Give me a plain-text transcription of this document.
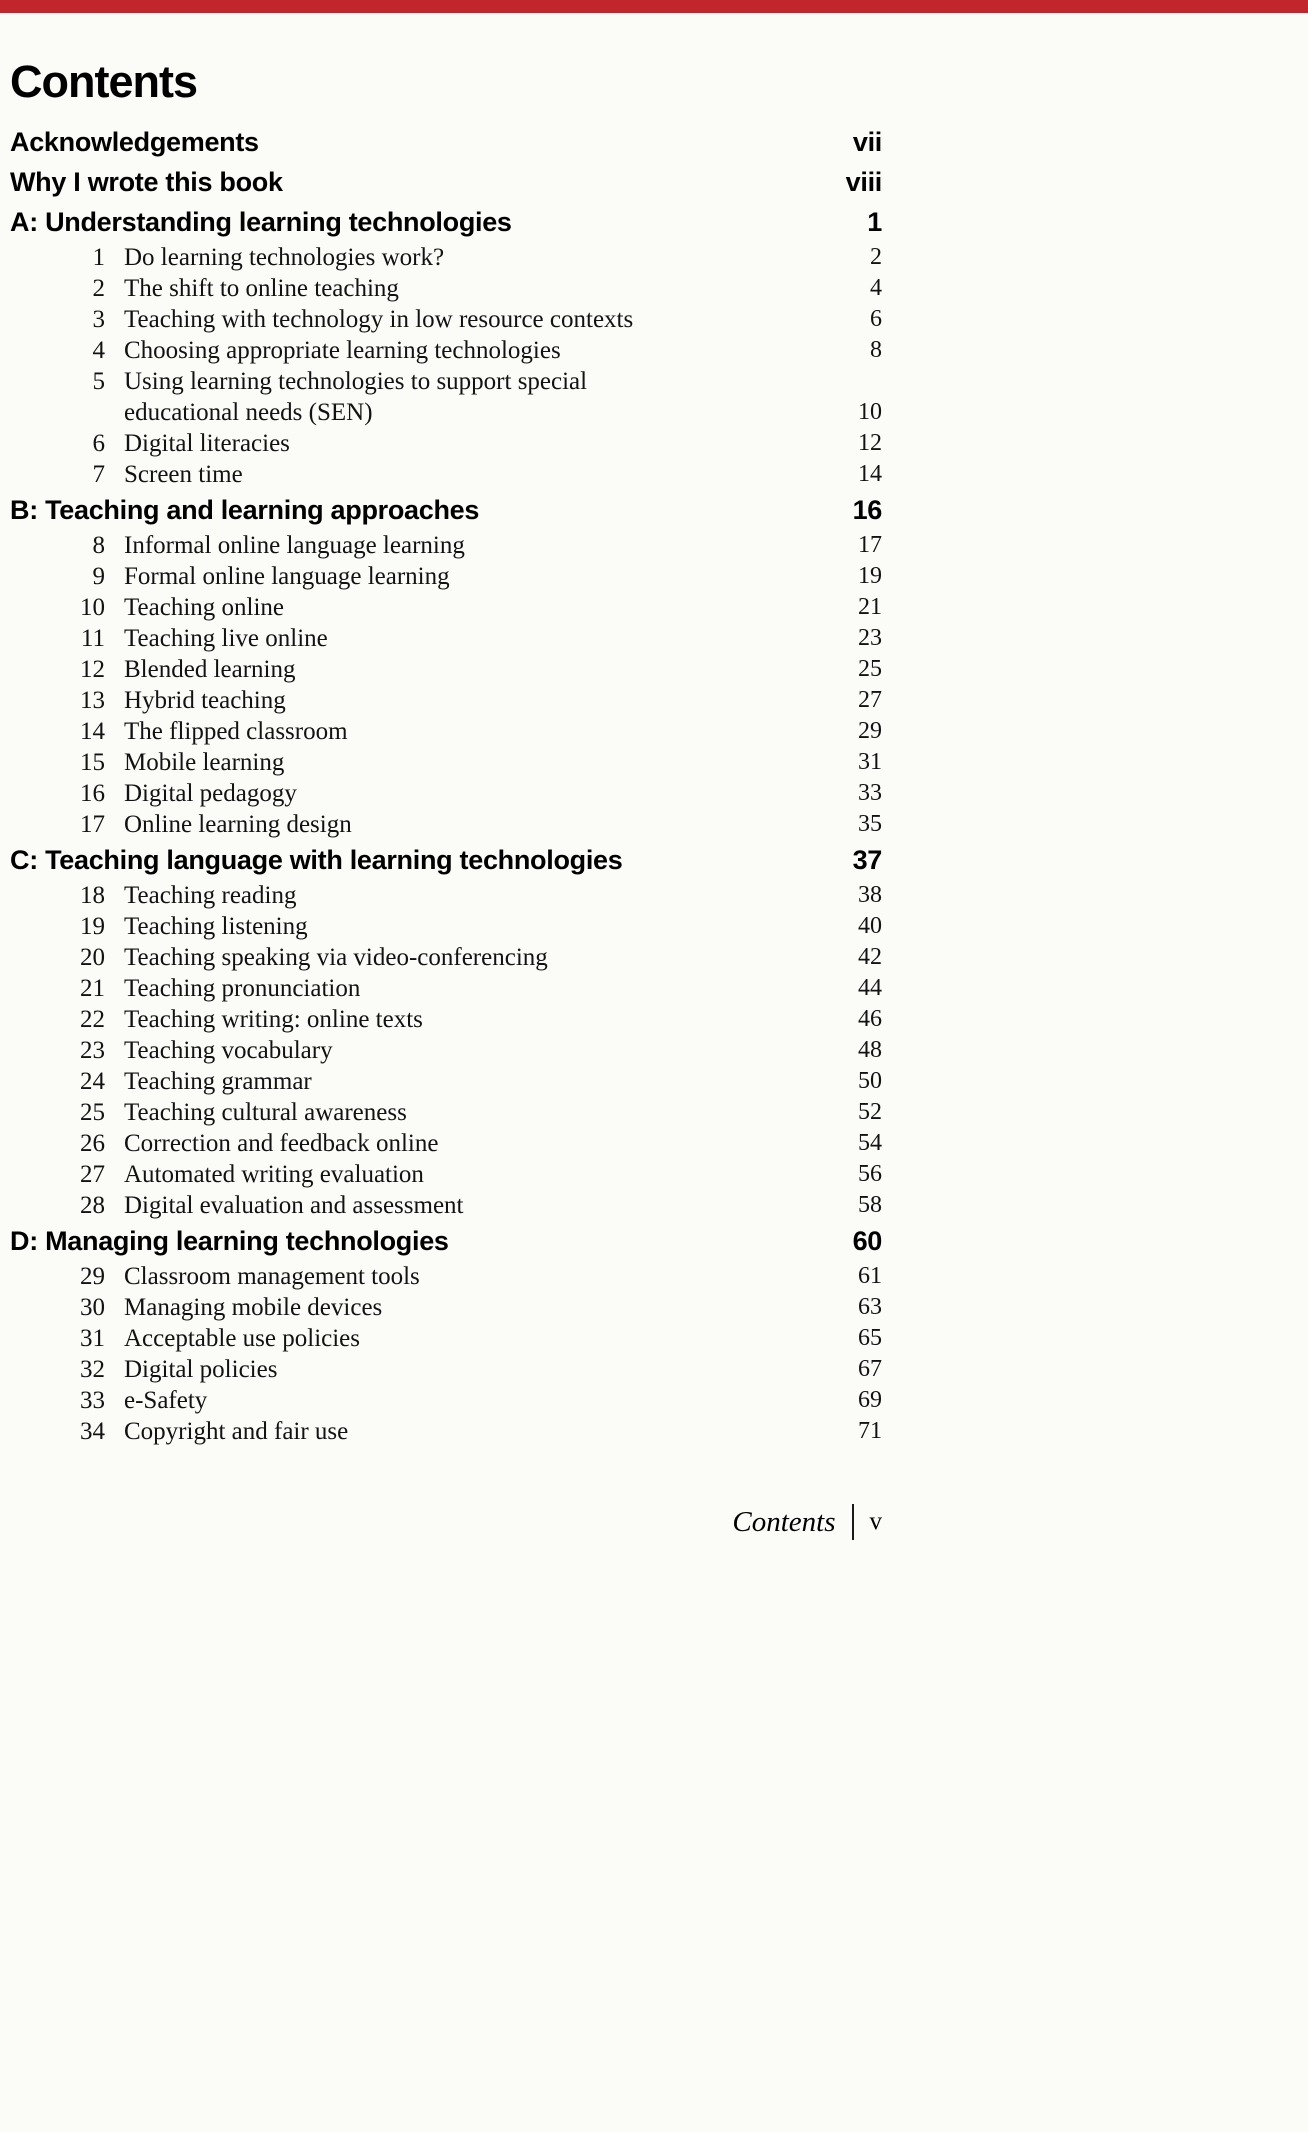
Contents
Acknowledgements	vii
Why I wrote this book	viii
A: Understanding learning technologies	1
1 Do learning technologies work?	2
2 The shift to online teaching	4
3 Teaching with technology in low resource contexts	6
4 Choosing appropriate learning technologies	8
5 Using learning technologies to support special educational needs (SEN)	10
6 Digital literacies	12
7 Screen time	14
B: Teaching and learning approaches	16
8 Informal online language learning	17
9 Formal online language learning	19
10 Teaching online	21
11 Teaching live online	23
12 Blended learning	25
13 Hybrid teaching	27
14 The flipped classroom	29
15 Mobile learning	31
16 Digital pedagogy	33
17 Online learning design	35
C: Teaching language with learning technologies	37
18 Teaching reading	38
19 Teaching listening	40
20 Teaching speaking via video-conferencing	42
21 Teaching pronunciation	44
22 Teaching writing: online texts	46
23 Teaching vocabulary	48
24 Teaching grammar	50
25 Teaching cultural awareness	52
26 Correction and feedback online	54
27 Automated writing evaluation	56
28 Digital evaluation and assessment	58
D: Managing learning technologies	60
29 Classroom management tools	61
30 Managing mobile devices	63
31 Acceptable use policies	65
32 Digital policies	67
33 e-Safety	69
34 Copyright and fair use	71
Contents v
